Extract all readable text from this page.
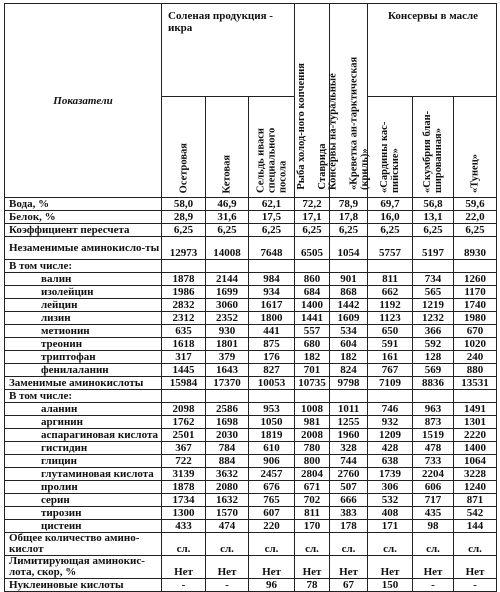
Показатели	Соленая продукция - икра			Рыба холод-ного копчения Ставрида	Консервы на-туральные «Креветка ан-тарктическая (криль)»	Консервы в масле		

	Осетровая	Кетовая	Сельдь иваси специального посола			«Сардины кас-пийские»	«Скумбрия блан-шированная»	«Тунец»

Вода, %	58,0	46,9	62,1	72,2	78,9	69,7	56,8	59,6
Белок, %	28,9	31,6	17,5	17,1	17,8	16,0	13,1	22,0
Коэффициент пересчета	6,25	6,25	6,25	6,25	6,25	6,25	6,25	6,25
Незаменимые аминокисло-ты	12973	14008	7648	6505	1054	5757	5197	8930
В том числе:								
валин	1878	2144	984	860	901	811	734	1260
изолейцин	1986	1699	934	684	868	662	565	1170
лейцин	2832	3060	1617	1400	1442	1192	1219	1740
лизин	2312	2352	1800	1441	1609	1123	1232	1980
метионин	635	930	441	557	534	650	366	670
треонин	1618	1801	875	680	604	591	592	1020
триптофан	317	379	176	182	182	161	128	240
фенилаланин	1445	1643	827	701	824	767	569	880
Заменимые аминокислоты	15984	17370	10053	10735	9798	7109	8836	13531
В том числе:								
аланин	2098	2586	953	1008	1011	746	963	1491
аргинин	1762	1698	1050	981	1255	932	873	1301
аспарагиновая кислота	2501	2030	1819	2008	1960	1209	1519	2220
гистидин	367	784	610	780	328	428	478	1400
глицин	722	884	906	800	744	638	733	1064
глутаминовая кислота	3139	3632	2457	2804	2760	1739	2204	3228
пролин	1878	2080	676	671	507	306	606	1240
серин	1734	1632	765	702	666	532	717	871
тирозин	1300	1570	607	811	383	408	435	542
цистеин	433	474	220	170	178	171	98	144
Общее количество амино-кислот	сл.	сл.	сл.	сл.	сл.	сл.	сл.	сл.
Лимитирующая аминокис-лота, скор, %	Нет	Нет	Нет	Нет	Нет	Нет	Нет	Нет
Нуклеиновые кислоты	-	-	96	78	67	150	-	-
